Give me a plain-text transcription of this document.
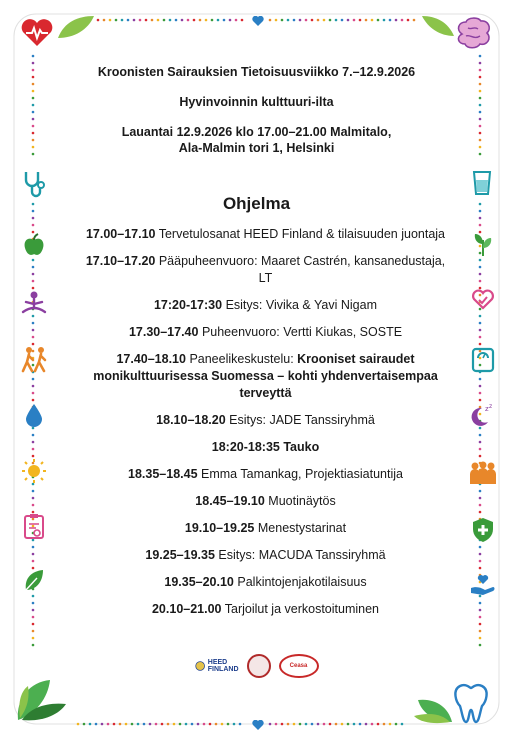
z z
Kroonisten Sairauksien Tietoisuusviikko 7.–12.9.2026
Hyvinvoinnin kulttuuri-ilta
Lauantai 12.9.2026 klo 17.00–21.00 Malmitalo,
Ala-Malmin tori 1, Helsinki
Ohjelma
17.00–17.10 Tervetulosanat HEED Finland & tilaisuuden juontaja
17.10–17.20 Pääpuheenvuoro: Maaret Castrén, kansanedustaja, LT
17:20-17:30 Esitys: Vivika & Yavi Nigam
17.30–17.40 Puheenvuoro: Vertti Kiukas, SOSTE
17.40–18.10 Paneelikeskustelu: Krooniset sairaudet monikulttuurisessa Suomessa – kohti yhdenvertaisempaa terveyttä
18.10–18.20 Esitys: JADE Tanssiryhmä
18:20-18:35 Tauko
18.35–18.45 Emma Tamankag, Projektiasiatuntija
18.45–19.10 Muotinäytös
19.10–19.25 Menestystarinat
19.25–19.35 Esitys: MACUDA Tanssiryhmä
19.35–20.10 Palkintojenjakotilaisuus
20.10–21.00 Tarjoilut ja verkostoituminen
HEED
FINLAND	Ceasa
